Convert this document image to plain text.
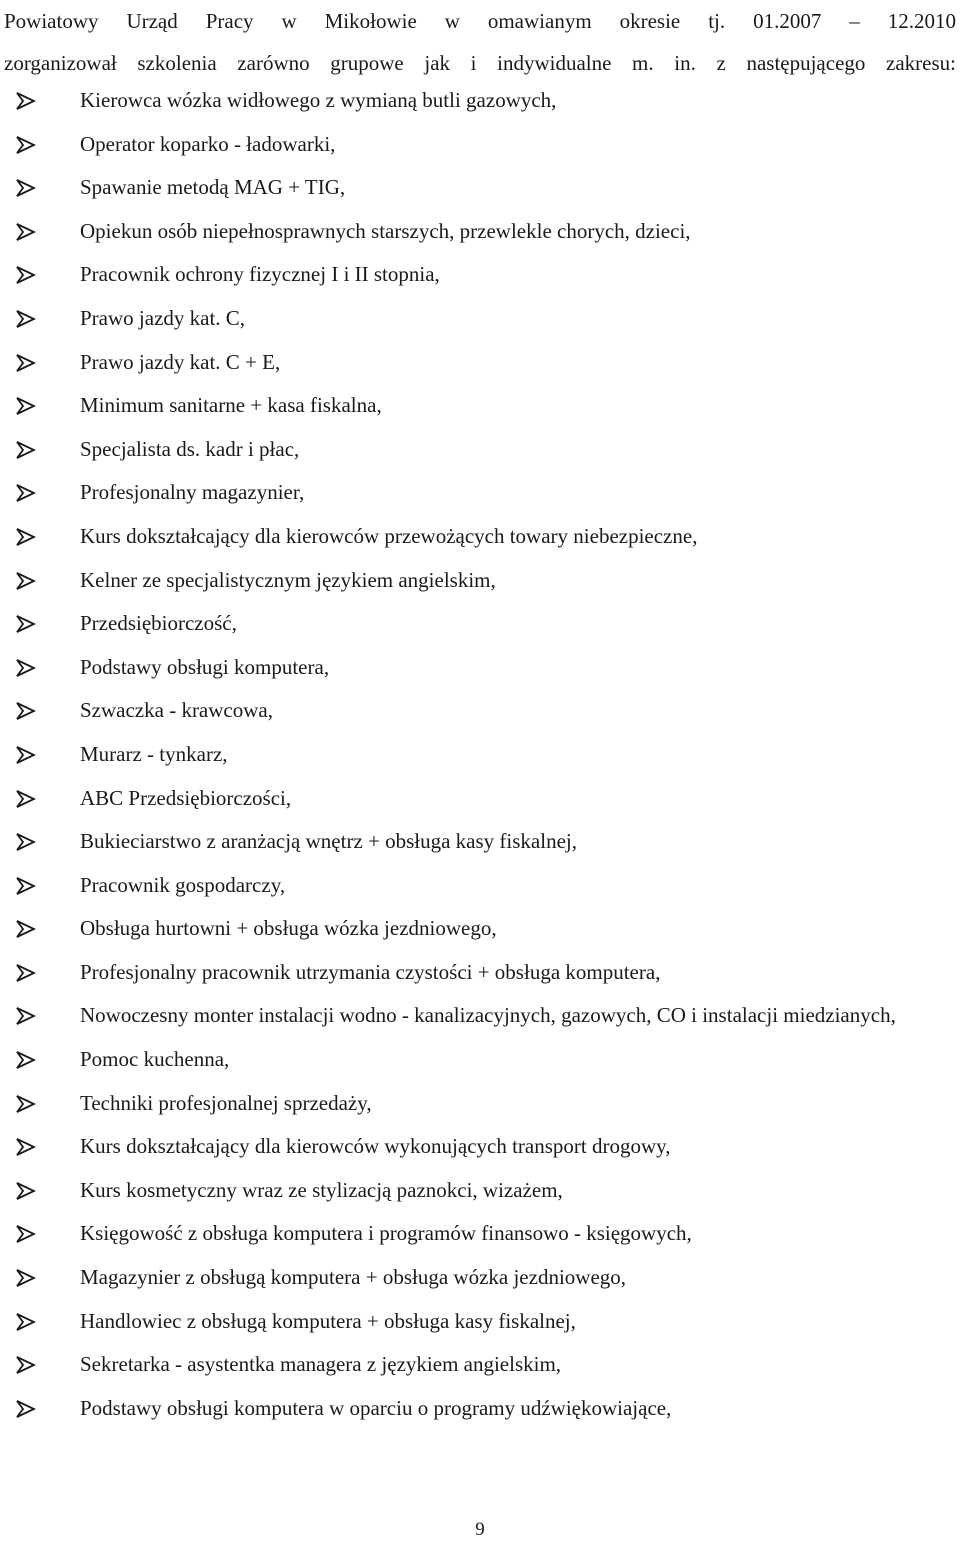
Powiatowy Urząd Pracy w Mikołowie w omawianym okresie tj. 01.2007 – 12.2010
zorganizował szkolenia zarówno grupowe jak i indywidualne m. in. z następującego zakresu:

Kierowca wózka widłowego z wymianą butli gazowych,
Operator koparko - ładowarki,
Spawanie metodą MAG + TIG,
Opiekun osób niepełnosprawnych starszych, przewlekle chorych, dzieci,
Pracownik ochrony fizycznej I i II stopnia,
Prawo jazdy kat. C,
Prawo jazdy kat. C + E,
Minimum sanitarne + kasa fiskalna,
Specjalista ds. kadr i płac,
Profesjonalny magazynier,
Kurs dokształcający dla kierowców przewożących towary niebezpieczne,
Kelner ze specjalistycznym językiem angielskim,
Przedsiębiorczość,
Podstawy obsługi komputera,
Szwaczka - krawcowa,
Murarz - tynkarz,
ABC Przedsiębiorczości,
Bukieciarstwo z aranżacją wnętrz + obsługa kasy fiskalnej,
Pracownik gospodarczy,
Obsługa hurtowni + obsługa wózka jezdniowego,
Profesjonalny pracownik utrzymania czystości + obsługa komputera,
Nowoczesny monter instalacji wodno - kanalizacyjnych, gazowych, CO i instalacji miedzianych,
Pomoc kuchenna,
Techniki profesjonalnej sprzedaży,
Kurs dokształcający dla kierowców wykonujących transport drogowy,
Kurs kosmetyczny wraz ze stylizacją paznokci, wizażem,
Księgowość z obsługa komputera i programów finansowo - księgowych,
Magazynier z obsługą komputera + obsługa wózka jezdniowego,
Handlowiec z obsługą komputera + obsługa kasy fiskalnej,
Sekretarka - asystentka managera z językiem angielskim,
Podstawy obsługi komputera w oparciu o programy udźwiękowiające,
9
